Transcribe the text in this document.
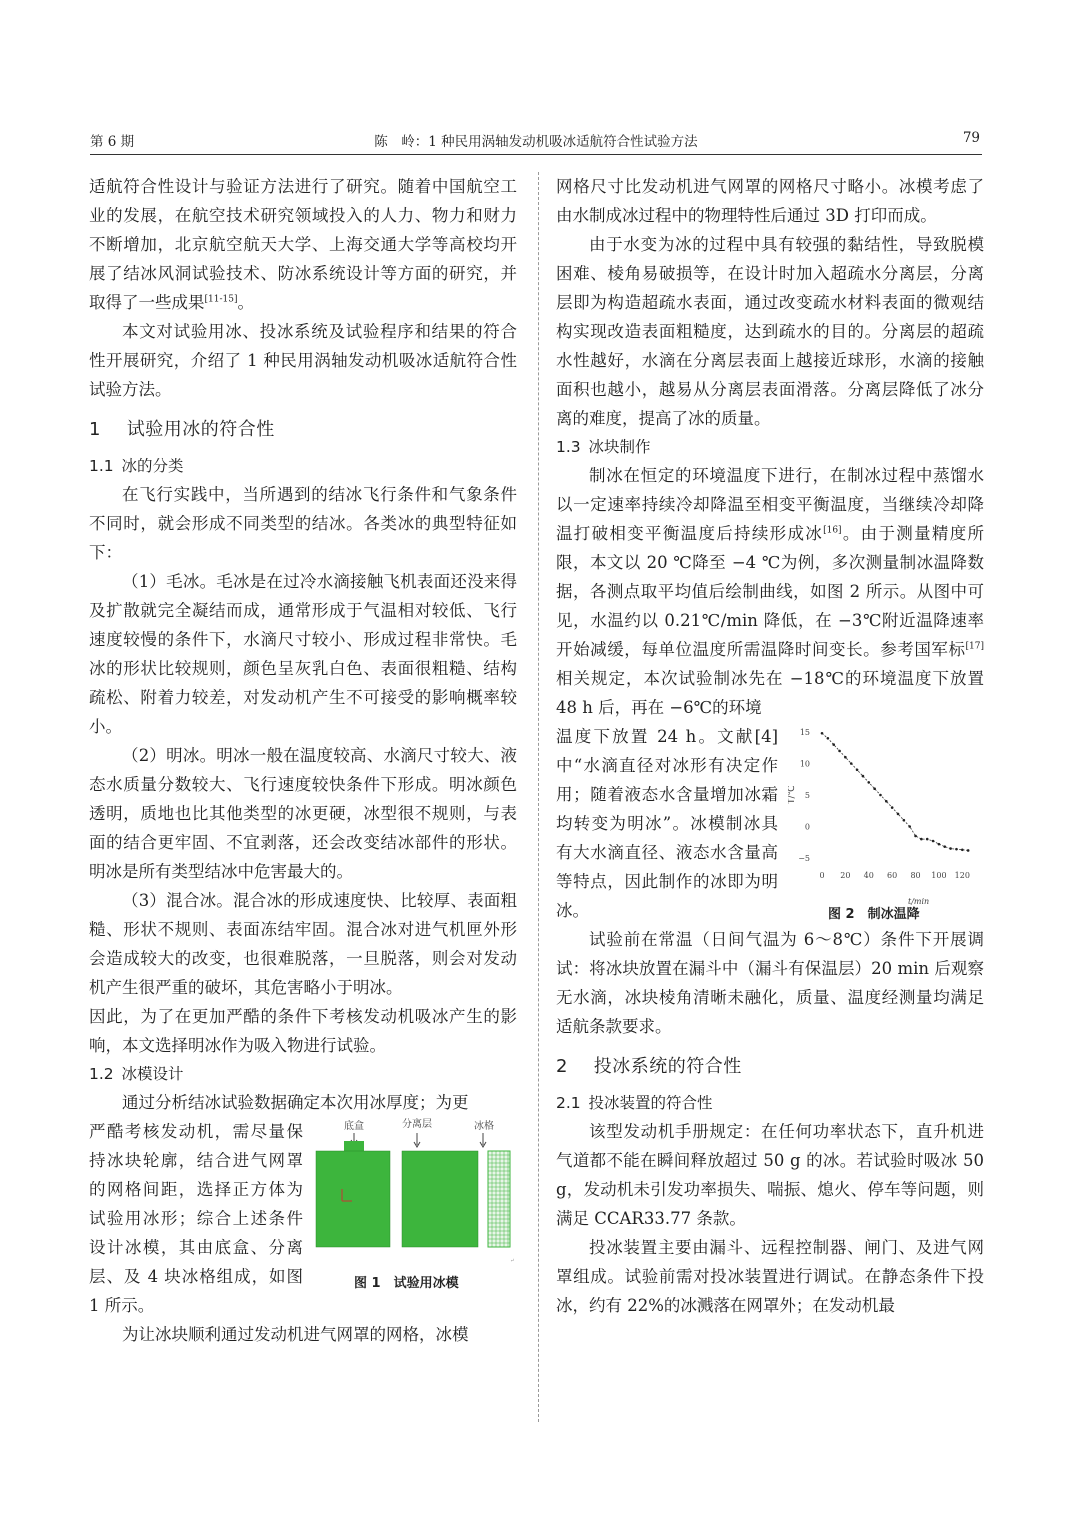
第 6 期	陈　岭：1 种民用涡轴发动机吸冰适航符合性试验方法	79

适航符合性设计与验证方法进行了研究。随着中国航空工业的发展，在航空技术研究领域投入的人力、物力和财力不断增加，北京航空航天大学、上海交通大学等高校均开展了结冰风洞试验技术、防冰系统设计等方面的研究，并取得了一些成果[11-15]。

本文对试验用冰、投冰系统及试验程序和结果的符合性开展研究，介绍了 1 种民用涡轴发动机吸冰适航符合性试验方法。

1 试验用冰的符合性
1.1 冰的分类

在飞行实践中，当所遇到的结冰飞行条件和气象条件不同时，就会形成不同类型的结冰。各类冰的典型特征如下：

（1）毛冰。毛冰是在过冷水滴接触飞机表面还没来得及扩散就完全凝结而成，通常形成于气温相对较低、飞行速度较慢的条件下，水滴尺寸较小、形成过程非常快。毛冰的形状比较规则，颜色呈灰乳白色、表面很粗糙、结构疏松、附着力较差，对发动机产生不可接受的影响概率较小。

（2）明冰。明冰一般在温度较高、水滴尺寸较大、液态水质量分数较大、飞行速度较快条件下形成。明冰颜色透明，质地也比其他类型的冰更硬，冰型很不规则，与表面的结合更牢固、不宜剥落，还会改变结冰部件的形状。明冰是所有类型结冰中危害最大的。

（3）混合冰。混合冰的形成速度快、比较厚、表面粗糙、形状不规则、表面冻结牢固。混合冰对进气机匣外形会造成较大的改变，也很难脱落，一旦脱落，则会对发动机产生很严重的破坏，其危害略小于明冰。

因此，为了在更加严酷的条件下考核发动机吸冰产生的影响，本文选择明冰作为吸入物进行试验。

1.2 冰模设计

通过分析结冰试验数据确定本次用冰厚度；为更

严酷考核发动机，需尽量保持冰块轮廓，结合进气网罩的网格间距，选择正方体为试验用冰形；综合上述条件设计冰模，其由底盒、分离层、及 4 块冰格组成，如图 1 所示。

底盒	分离层	冰格
↵
图 1　试验用冰模

为让冰块顺利通过发动机进气网罩的网格，冰模

网格尺寸比发动机进气网罩的网格尺寸略小。冰模考虑了由水制成冰过程中的物理特性后通过 3D 打印而成。

由于水变为冰的过程中具有较强的黏结性，导致脱模困难、棱角易破损等，在设计时加入超疏水分离层，分离层即为构造超疏水表面，通过改变疏水材料表面的微观结构实现改造表面粗糙度，达到疏水的目的。分离层的超疏水性越好，水滴在分离层表面上越接近球形，水滴的接触面积也越小，越易从分离层表面滑落。分离层降低了冰分离的难度，提高了冰的质量。

1.3 冰块制作

制冰在恒定的环境温度下进行，在制冰过程中蒸馏水以一定速率持续冷却降温至相变平衡温度，当继续冷却降温打破相变平衡温度后持续形成冰[16]。由于测量精度所限，本文以 20 ℃降至 −4 ℃为例，多次测量制冰温降数据，各测点取平均值后绘制曲线，如图 2 所示。从图中可见，水温约以 0.21℃/min 降低，在 −3℃附近温降速率开始减缓，每单位温度所需温降时间变长。参考国军标[17]相关规定，本次试验制冰先在 −18℃的环境温度下放置 48 h 后，再在 −6℃的环境

温度下放置 24 h。文献[4]中“水滴直径对冰形有决定作用；随着液态水含量增加冰霜均转变为明冰”。冰模制冰具有大水滴直径、液态水含量高等特点，因此制作的冰即为明冰。

15
10
5
0
−5
0 20 40 60 80 100 120
T/℃
t/min
图 2　制冰温降

试验前在常温（日间气温为 6～8℃）条件下开展调试：将冰块放置在漏斗中（漏斗有保温层）20 min 后观察无水滴，冰块棱角清晰未融化，质量、温度经测量均满足适航条款要求。

2 投冰系统的符合性
2.1 投冰装置的符合性

该型发动机手册规定：在任何功率状态下，直升机进气道都不能在瞬间释放超过 50 g 的冰。若试验时吸冰 50 g，发动机未引发功率损失、喘振、熄火、停车等问题，则满足 CCAR33.77 条款。

投冰装置主要由漏斗、远程控制器、闸门、及进气网罩组成。试验前需对投冰装置进行调试。在静态条件下投冰，约有 22%的冰溅落在网罩外；在发动机最
